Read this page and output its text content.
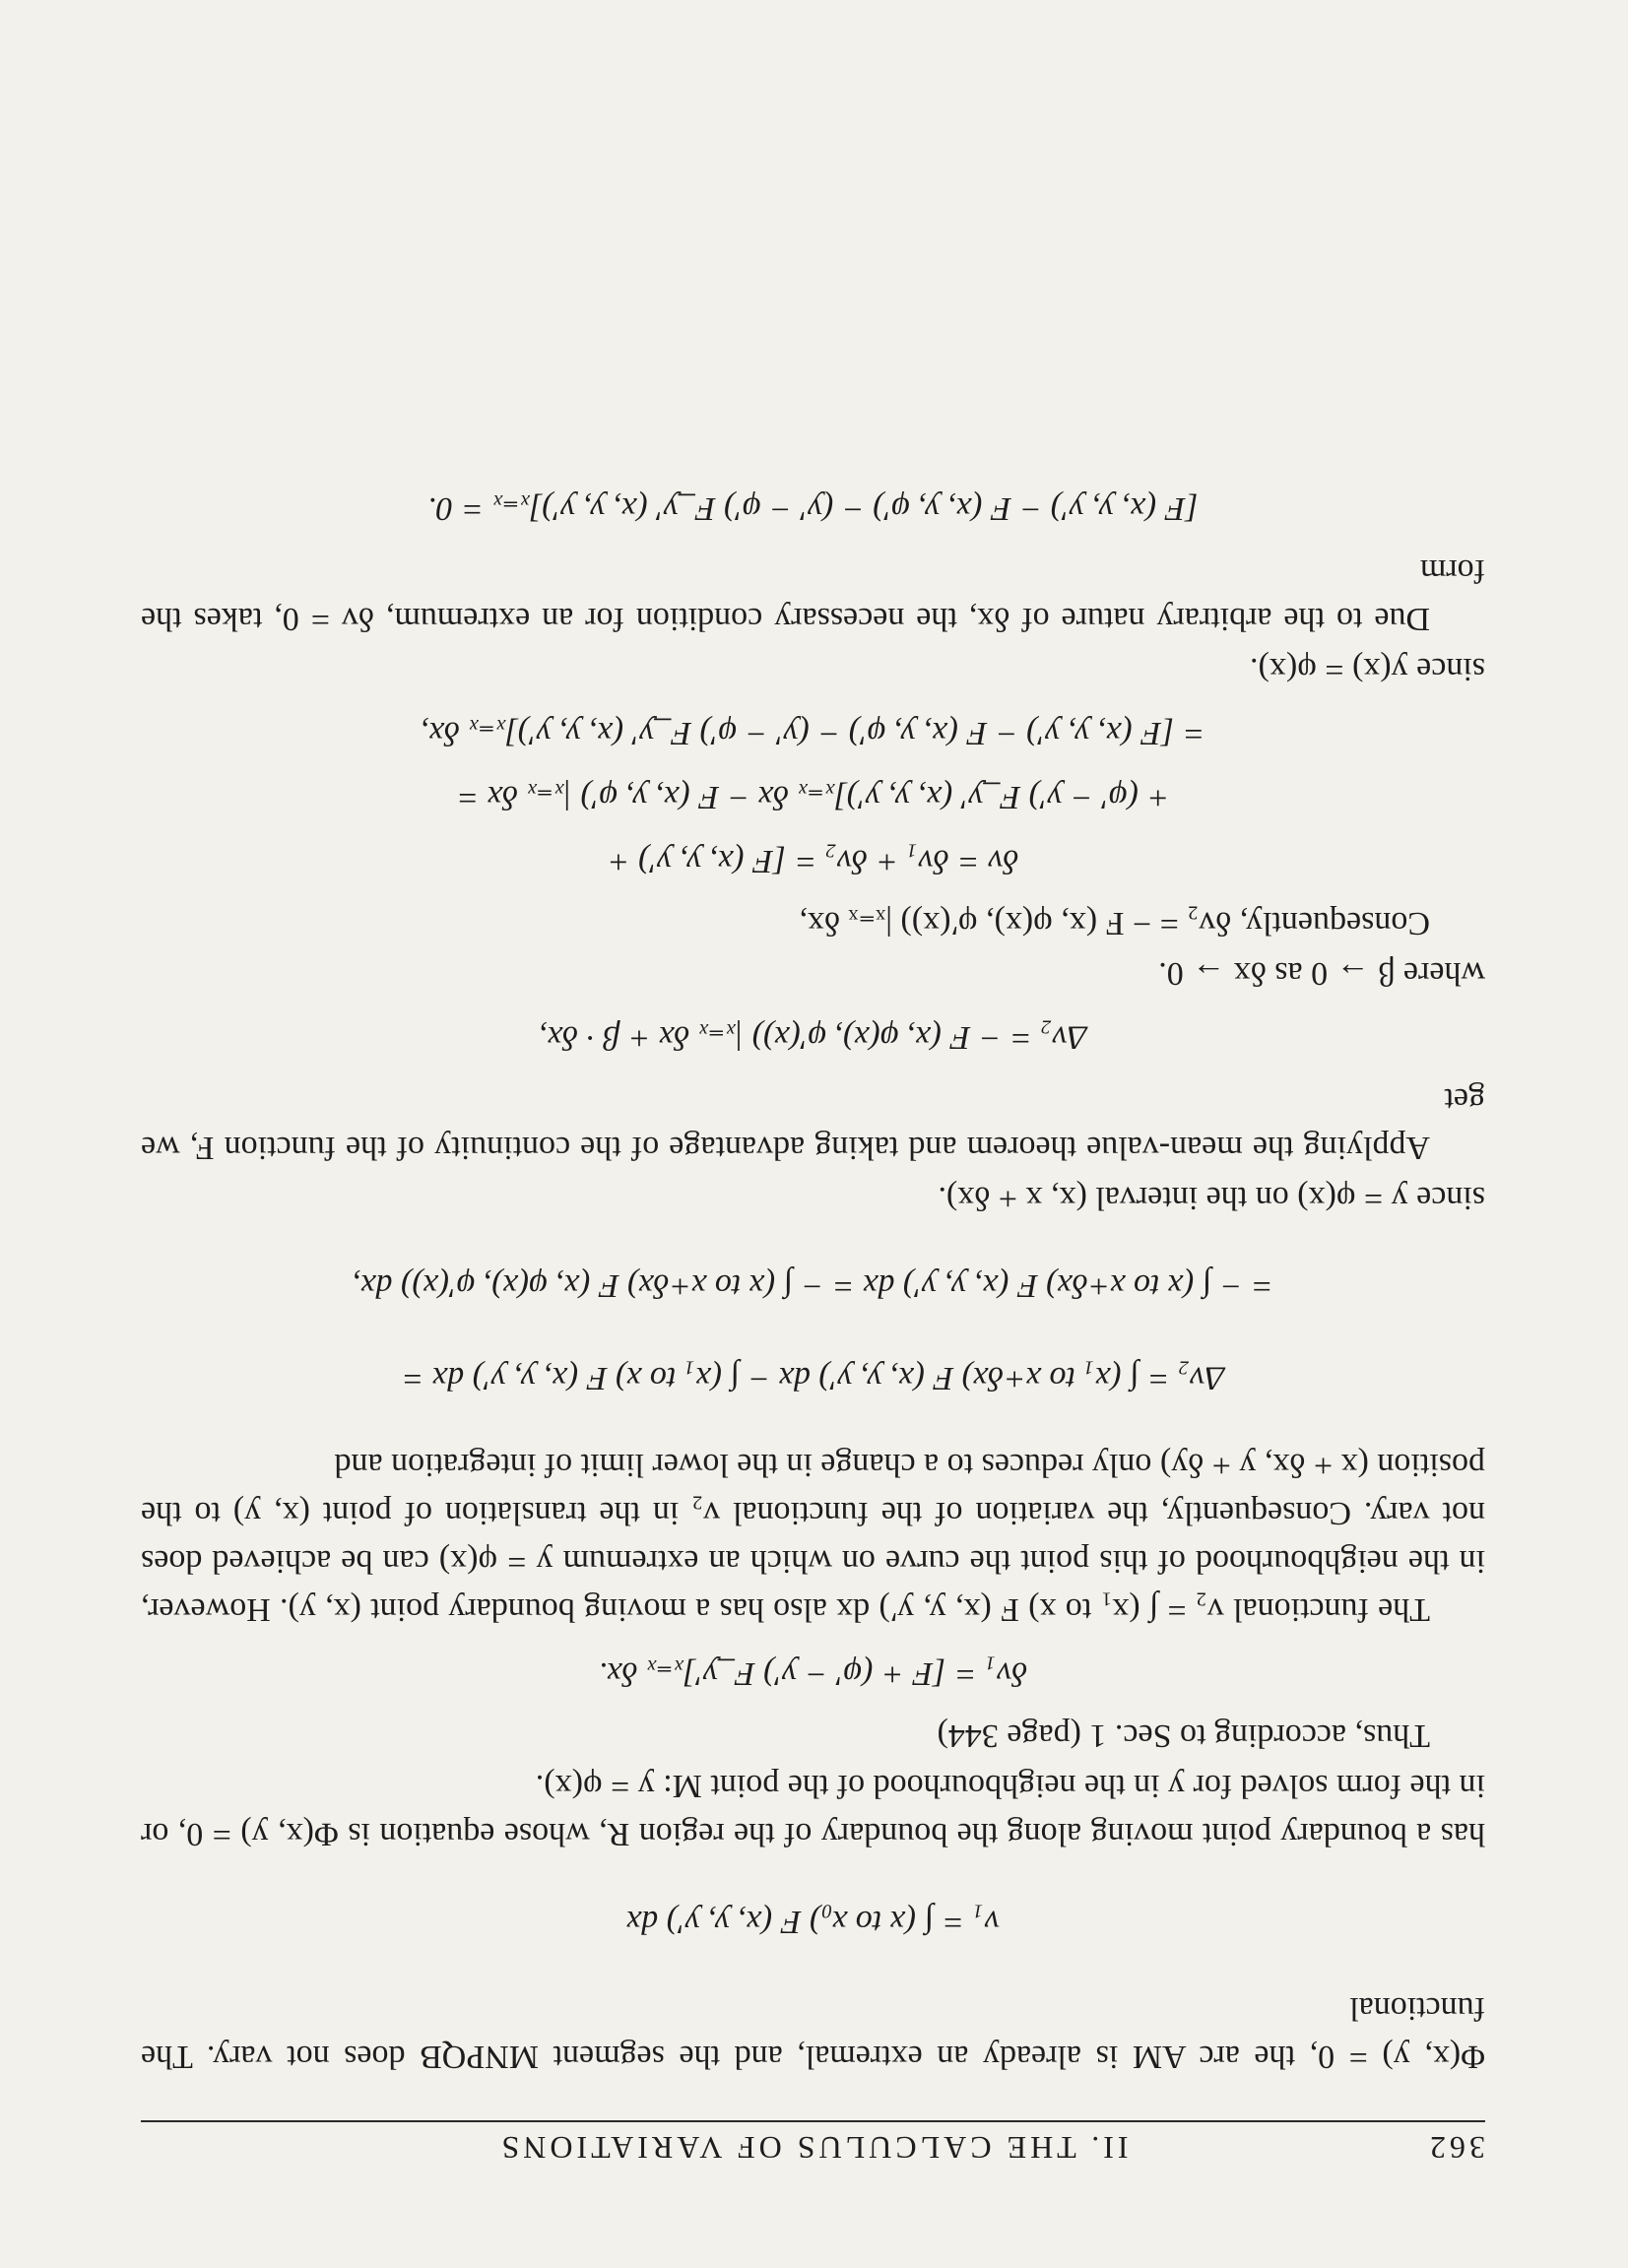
362
II. THE CALCULUS OF VARIATIONS

Φ(x, y) = 0, the arc AM is already an extremal, and the segment MNPQB does not vary. The functional

v₁ = ∫ (x to x₀) F (x, y, y′) dx

has a boundary point moving along the boundary of the region R, whose equation is Φ(x, y) = 0, or in the form solved for y in the neighbourhood of the point M: y = φ(x).

Thus, according to Sec. 1 (page 344)

δv₁ = [F + (φ′ − y′) F_y′]ₓ₌ₓ δx.

The functional v₂ = ∫ (x₁ to x) F (x, y, y′) dx also has a moving boundary point (x, y). However, in the neighbourhood of this point the curve on which an extremum y = φ(x) can be achieved does not vary. Consequently, the variation of the functional v₂ in the translation of point (x, y) to the position (x + δx, y + δy) only reduces to a change in the lower limit of integration and

Δv₂ = ∫ (x₁ to x+δx) F (x, y, y′) dx − ∫ (x₁ to x) F (x, y, y′) dx =
= − ∫ (x to x+δx) F (x, y, y′) dx = − ∫ (x to x+δx) F (x, φ(x), φ′(x)) dx,

since y = φ(x) on the interval (x, x + δx).

Applying the mean-value theorem and taking advantage of the continuity of the function F, we get

Δv₂ = − F (x, φ(x), φ′(x)) |ₓ₌ₓ δx + β · δx,

where β → 0 as δx → 0.

Consequently, δv₂ = − F (x, φ(x), φ′(x)) |ₓ₌ₓ δx,

δv = δv₁ + δv₂ = [F (x, y, y′) +
+ (φ′ − y′) F_y′ (x, y, y′)]ₓ₌ₓ δx − F (x, y, φ′) |ₓ₌ₓ δx =
= [F (x, y, y′) − F (x, y, φ′) − (y′ − φ′) F_y′ (x, y, y′)]ₓ₌ₓ δx,

since y(x) = φ(x).

Due to the arbitrary nature of δx, the necessary condition for an extremum, δv = 0, takes the form

[F (x, y, y′) − F (x, y, φ′) − (y′ − φ′) F_y′ (x, y, y′)]ₓ₌ₓ = 0.
